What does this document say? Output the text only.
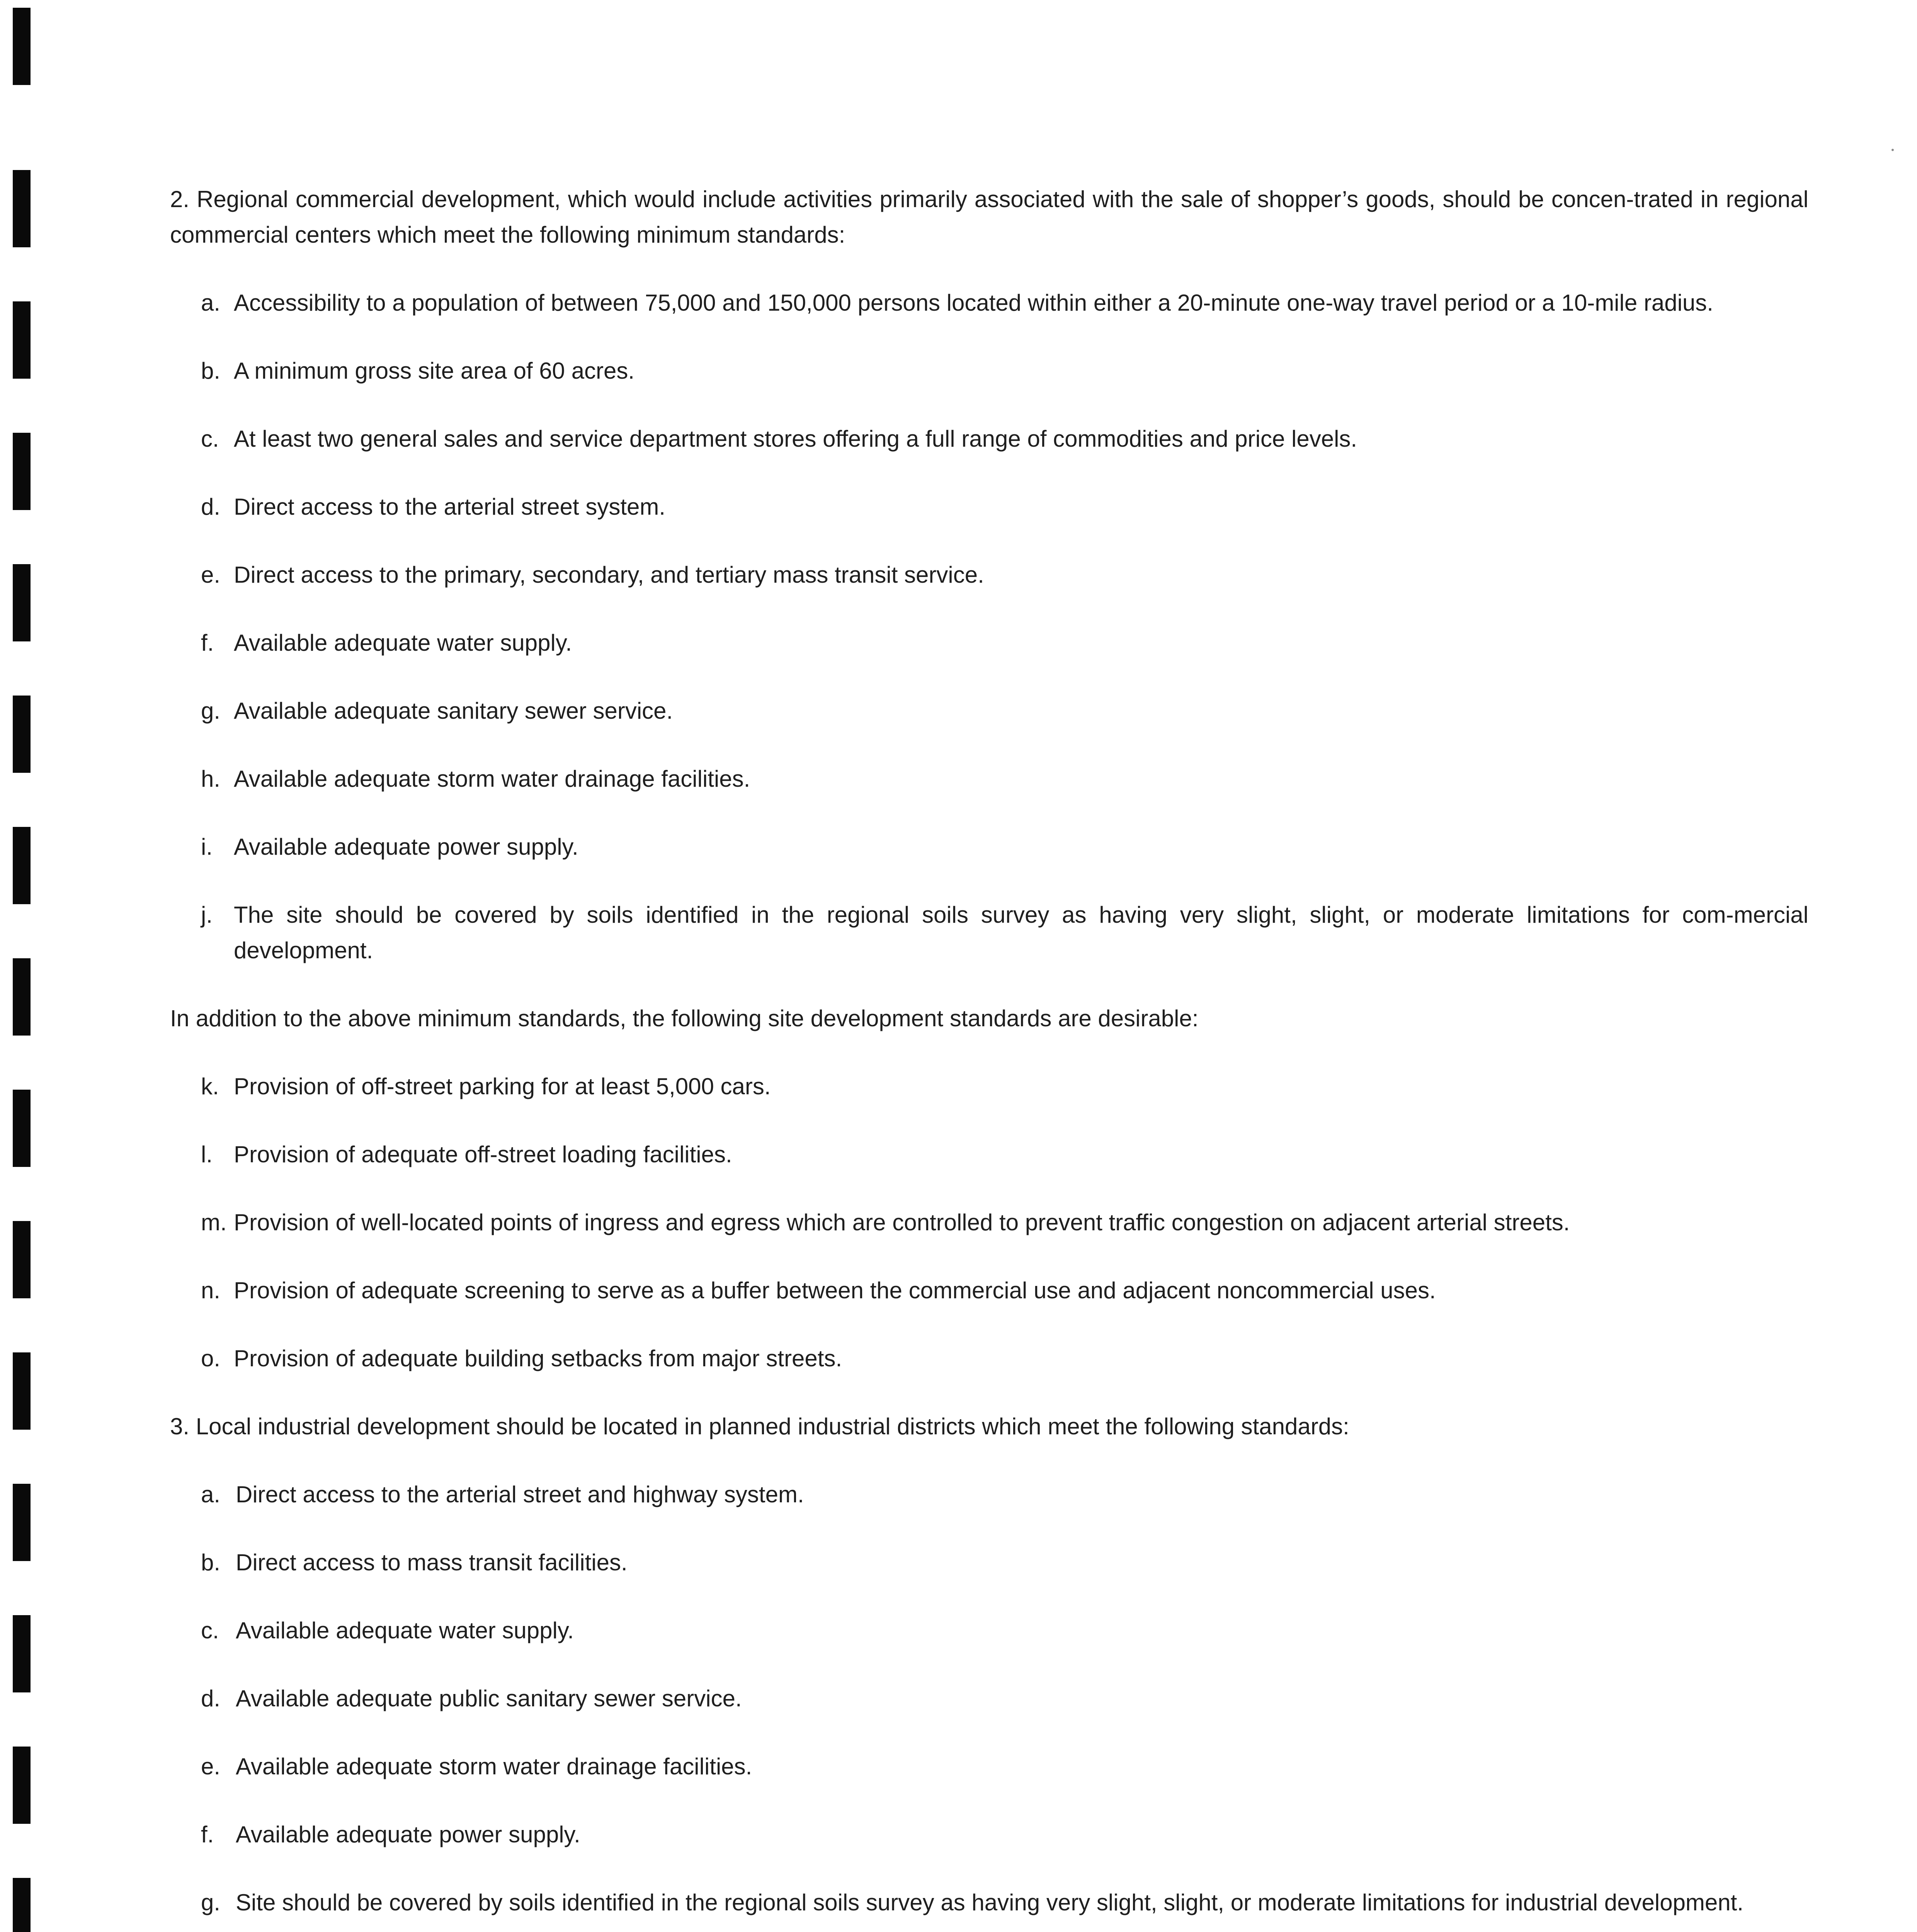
2. Regional commercial development, which would include activities primarily associated with the sale of shopper’s goods, should be concen-trated in regional commercial centers which meet the following minimum standards:

a. Accessibility to a population of between 75,000 and 150,000 persons located within either a 20-minute one-way travel period or a 10-mile radius.
b. A minimum gross site area of 60 acres.
c. At least two general sales and service department stores offering a full range of commodities and price levels.
d. Direct access to the arterial street system.
e. Direct access to the primary, secondary, and tertiary mass transit service.
f. Available adequate water supply.
g. Available adequate sanitary sewer service.
h. Available adequate storm water drainage facilities.
i. Available adequate power supply.
j. The site should be covered by soils identified in the regional soils survey as having very slight, slight, or moderate limitations for com-mercial development.

In addition to the above minimum standards, the following site development standards are desirable:

k. Provision of off-street parking for at least 5,000 cars.
l. Provision of adequate off-street loading facilities.
m. Provision of well-located points of ingress and egress which are controlled to prevent traffic congestion on adjacent arterial streets.
n. Provision of adequate screening to serve as a buffer between the commercial use and adjacent noncommercial uses.
o. Provision of adequate building setbacks from major streets.

3. Local industrial development should be located in planned industrial districts which meet the following standards:

a. Direct access to the arterial street and highway system.
b. Direct access to mass transit facilities.
c. Available adequate water supply.
d. Available adequate public sanitary sewer service.
e. Available adequate storm water drainage facilities.
f. Available adequate power supply.
g. Site should be covered by soils identified in the regional soils survey as having very slight, slight, or moderate limitations for industrial development.
